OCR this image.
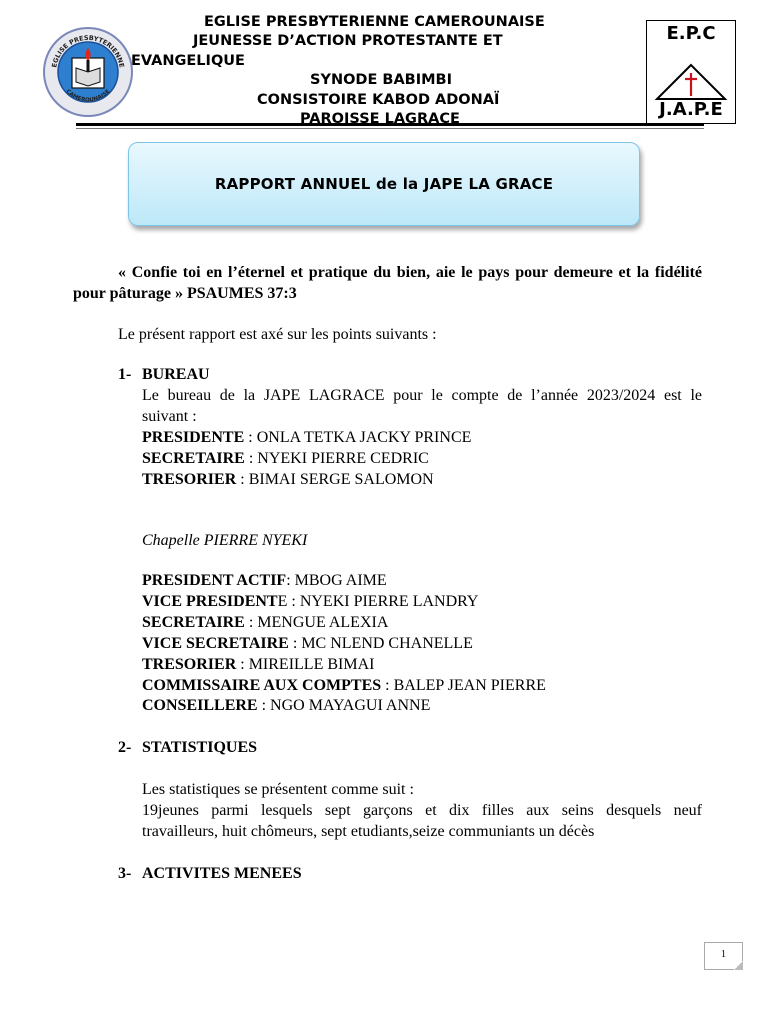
EGLISE PRESBYTERIENNE
CAMEROUNAISE
E.P.C
J.A.P.E
EGLISE PRESBYTERIENNE CAMEROUNAISE
JEUNESSE D’ACTION PROTESTANTE ET
EVANGELIQUE
SYNODE BABIMBI
CONSISTOIRE KABOD ADONAÏ
PAROISSE LAGRACE
RAPPORT ANNUEL de la JAPE LA GRACE
« Confie toi en l’éternel et pratique du bien, aie le pays pour demeure et la fidélité
pour pâturage » PSAUMES 37:3
Le présent rapport est axé sur les points suivants :
1- BUREAU
Le bureau de la JAPE LAGRACE pour le compte de l’année 2023/2024 est le
suivant :
PRESIDENTE : ONLA TETKA JACKY PRINCE
SECRETAIRE : NYEKI PIERRE CEDRIC
TRESORIER : BIMAI SERGE SALOMON
Chapelle PIERRE NYEKI
PRESIDENT ACTIF: MBOG AIME
VICE PRESIDENTE : NYEKI PIERRE LANDRY
SECRETAIRE : MENGUE ALEXIA
VICE SECRETAIRE : MC NLEND CHANELLE
TRESORIER : MIREILLE BIMAI
COMMISSAIRE AUX COMPTES : BALEP JEAN PIERRE
CONSEILLERE : NGO MAYAGUI ANNE
2- STATISTIQUES
Les statistiques se présentent comme suit :
19jeunes parmi lesquels sept garçons et dix filles aux seins desquels neuf
travailleurs, huit chômeurs, sept etudiants,seize communiants un décès
3- ACTIVITES MENEES
1
